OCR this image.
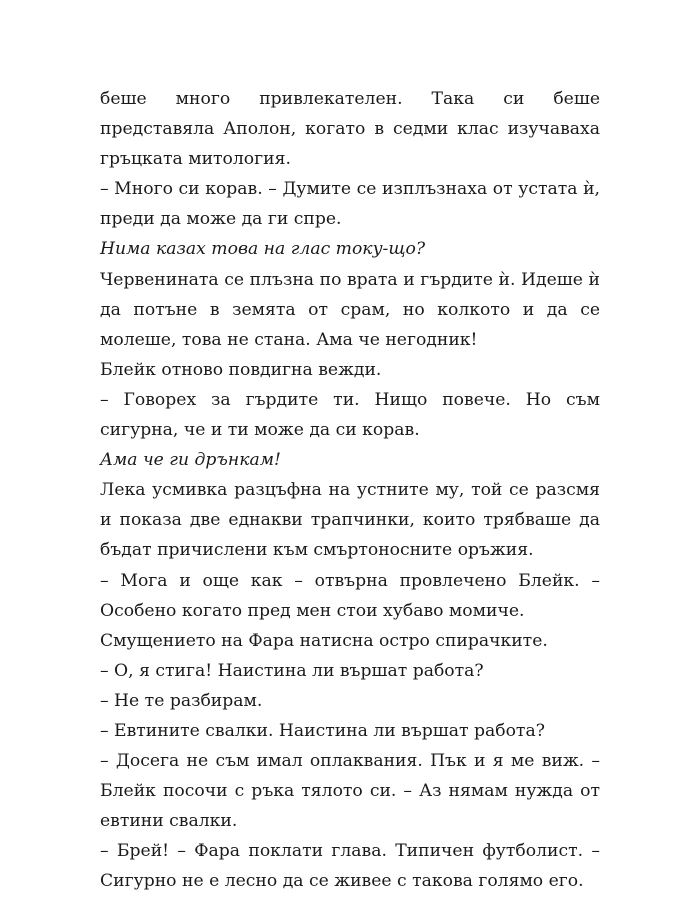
беше много привлекателен. Така си беше представяла Аполон, когато в седми клас изучаваха гръцката митология.

– Много си корав. – Думите се изплъзнаха от устата ѝ, преди да може да ги спре.

Нима казах това на глас току-що?

Червенината се плъзна по врата и гърдите ѝ. Идеше ѝ да потъне в земята от срам, но колкото и да се молеше, това не стана. Ама че негодник!

Блейк отново повдигна вежди.

– Говорех за гърдите ти. Нищо повече. Но съм сигурна, че и ти може да си корав.

Ама че ги дрънкам!

Лека усмивка разцъфна на устните му, той се разсмя и показа две еднакви трапчинки, които трябваше да бъдат причислени към смъртоносните оръжия.

– Мога и още как – отвърна провлечено Блейк. – Особено когато пред мен стои хубаво момиче.

Смущението на Фара натисна остро спирачките.

– О, я стига! Наистина ли вършат работа?

– Не те разбирам.

– Евтините свалки. Наистина ли вършат работа?

– Досега не съм имал оплаквания. Пък и я ме виж. – Блейк посочи с ръка тялото си. – Аз нямам нужда от евтини свалки.

– Брей! – Фара поклати глава. Типичен футболист. – Сигурно не е лесно да се живее с такова голямо его.
